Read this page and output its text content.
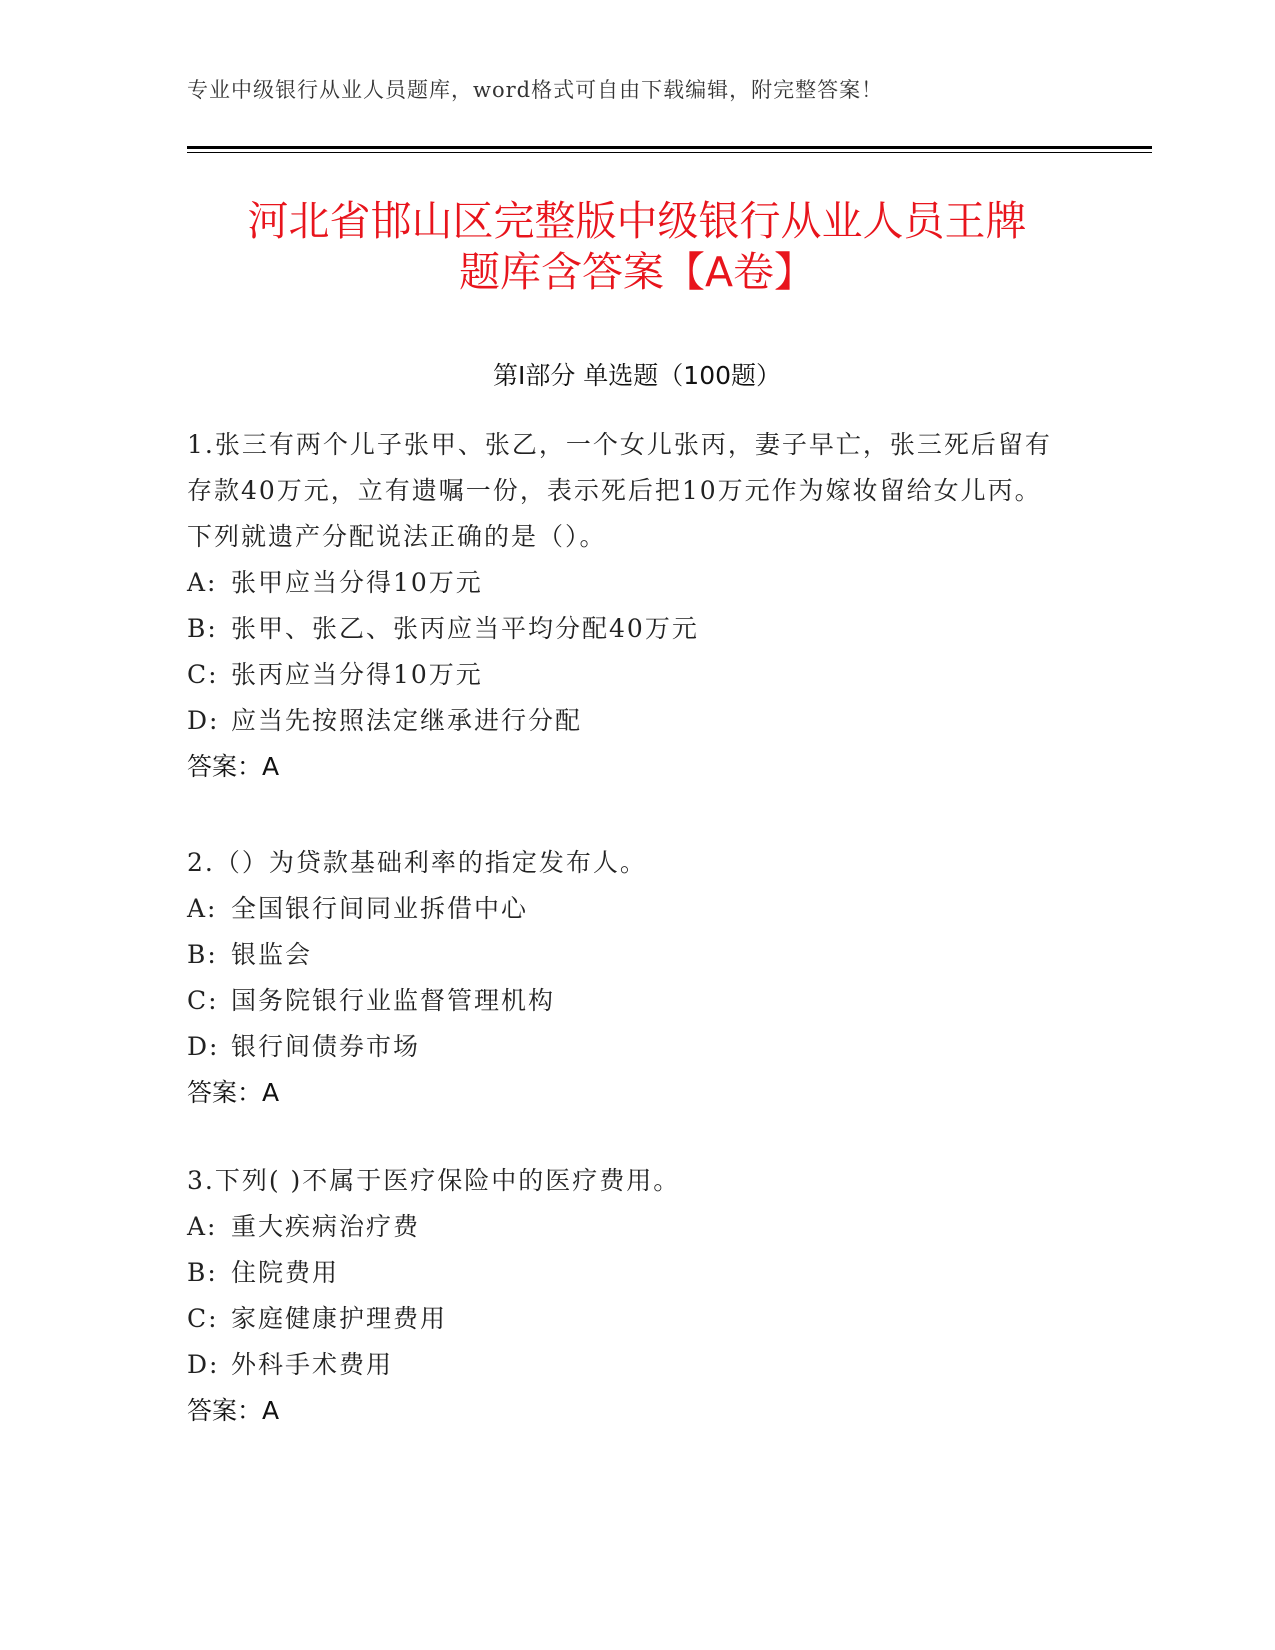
专业中级银行从业人员题库，word格式可自由下载编辑，附完整答案！
河北省邯山区完整版中级银行从业人员王牌
题库含答案【A卷】
第Ⅰ部分 单选题（100题）

1.张三有两个儿子张甲、张乙，一个女儿张丙，妻子早亡，张三死后留有存款40万元，立有遗嘱一份，表示死后把10万元作为嫁妆留给女儿丙。下列就遗产分配说法正确的是（）。

A: 张甲应当分得10万元

B: 张甲、张乙、张丙应当平均分配40万元

C: 张丙应当分得10万元

D: 应当先按照法定继承进行分配

答案：A

2.（）为贷款基础利率的指定发布人。

A: 全国银行间同业拆借中心

B: 银监会

C: 国务院银行业监督管理机构

D: 银行间债券市场

答案：A

3.下列( )不属于医疗保险中的医疗费用。

A: 重大疾病治疗费

B: 住院费用

C: 家庭健康护理费用

D: 外科手术费用

答案：A
